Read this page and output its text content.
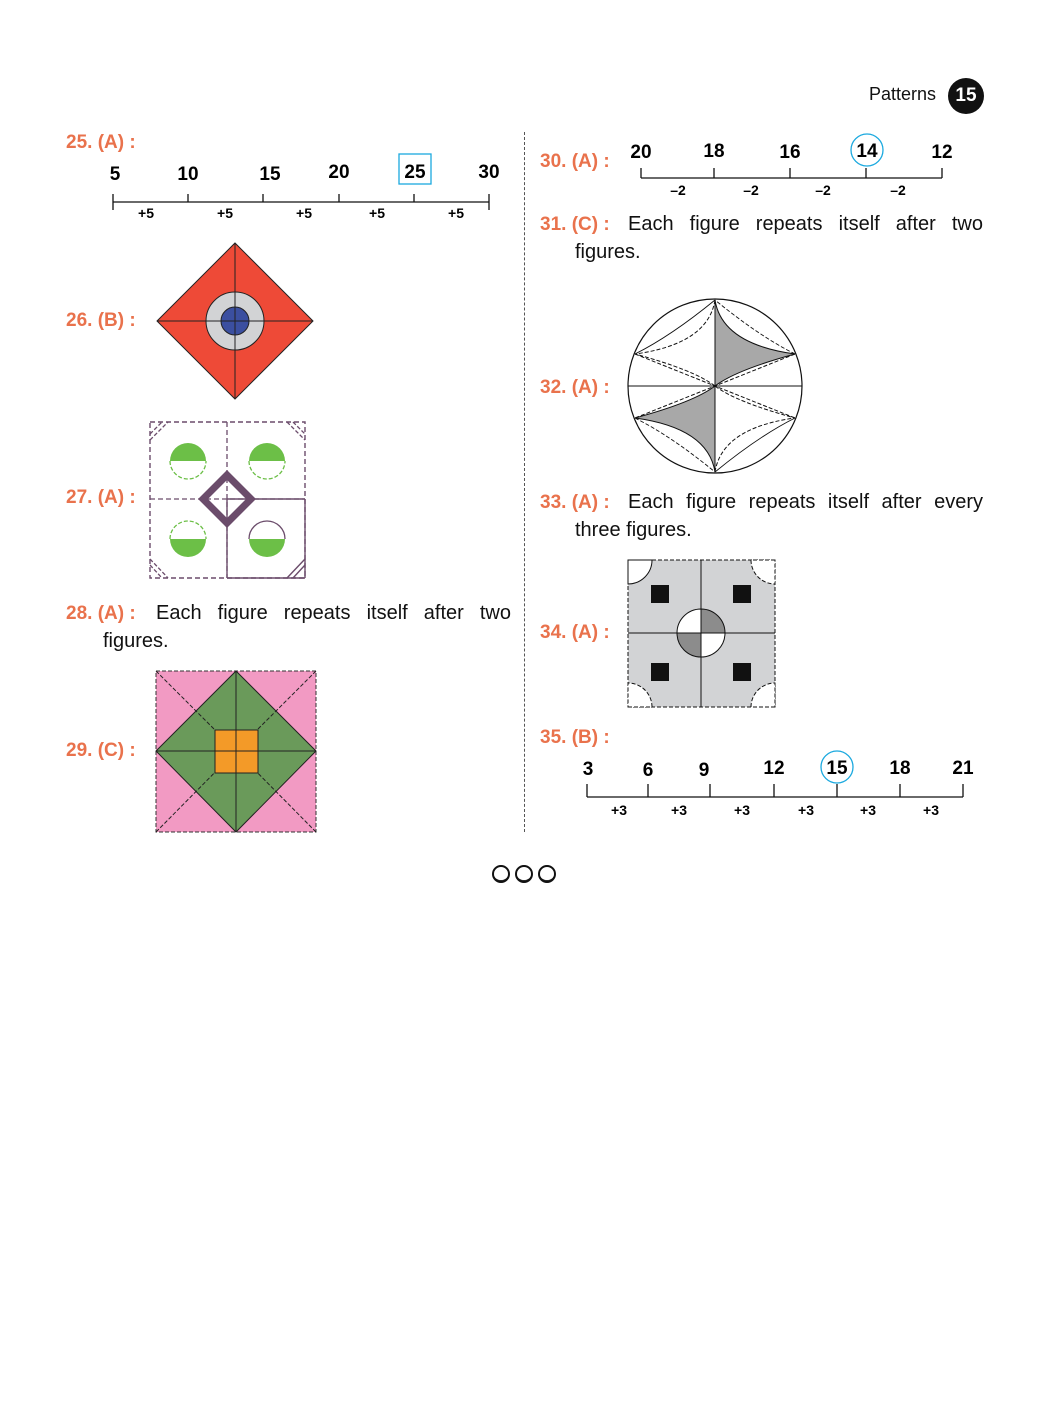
Patterns	15
25. (A) :
5	10	15	20	25	30
+5	+5	+5	+5	+5
26. (B) :
27. (A) :
28. (A) : Each figure repeats itself after two
figures.
29. (C) :
30. (A) : 20	18	16	14	12
–2	–2	–2	–2
31. (C) : Each figure repeats itself after two
figures.
32. (A) :
33. (A) : Each figure repeats itself after every
three figures.
34. (A) :
35. (B) :
3	6 9	12 15 18 21
+3	+3	+3	+3	+3	+3
